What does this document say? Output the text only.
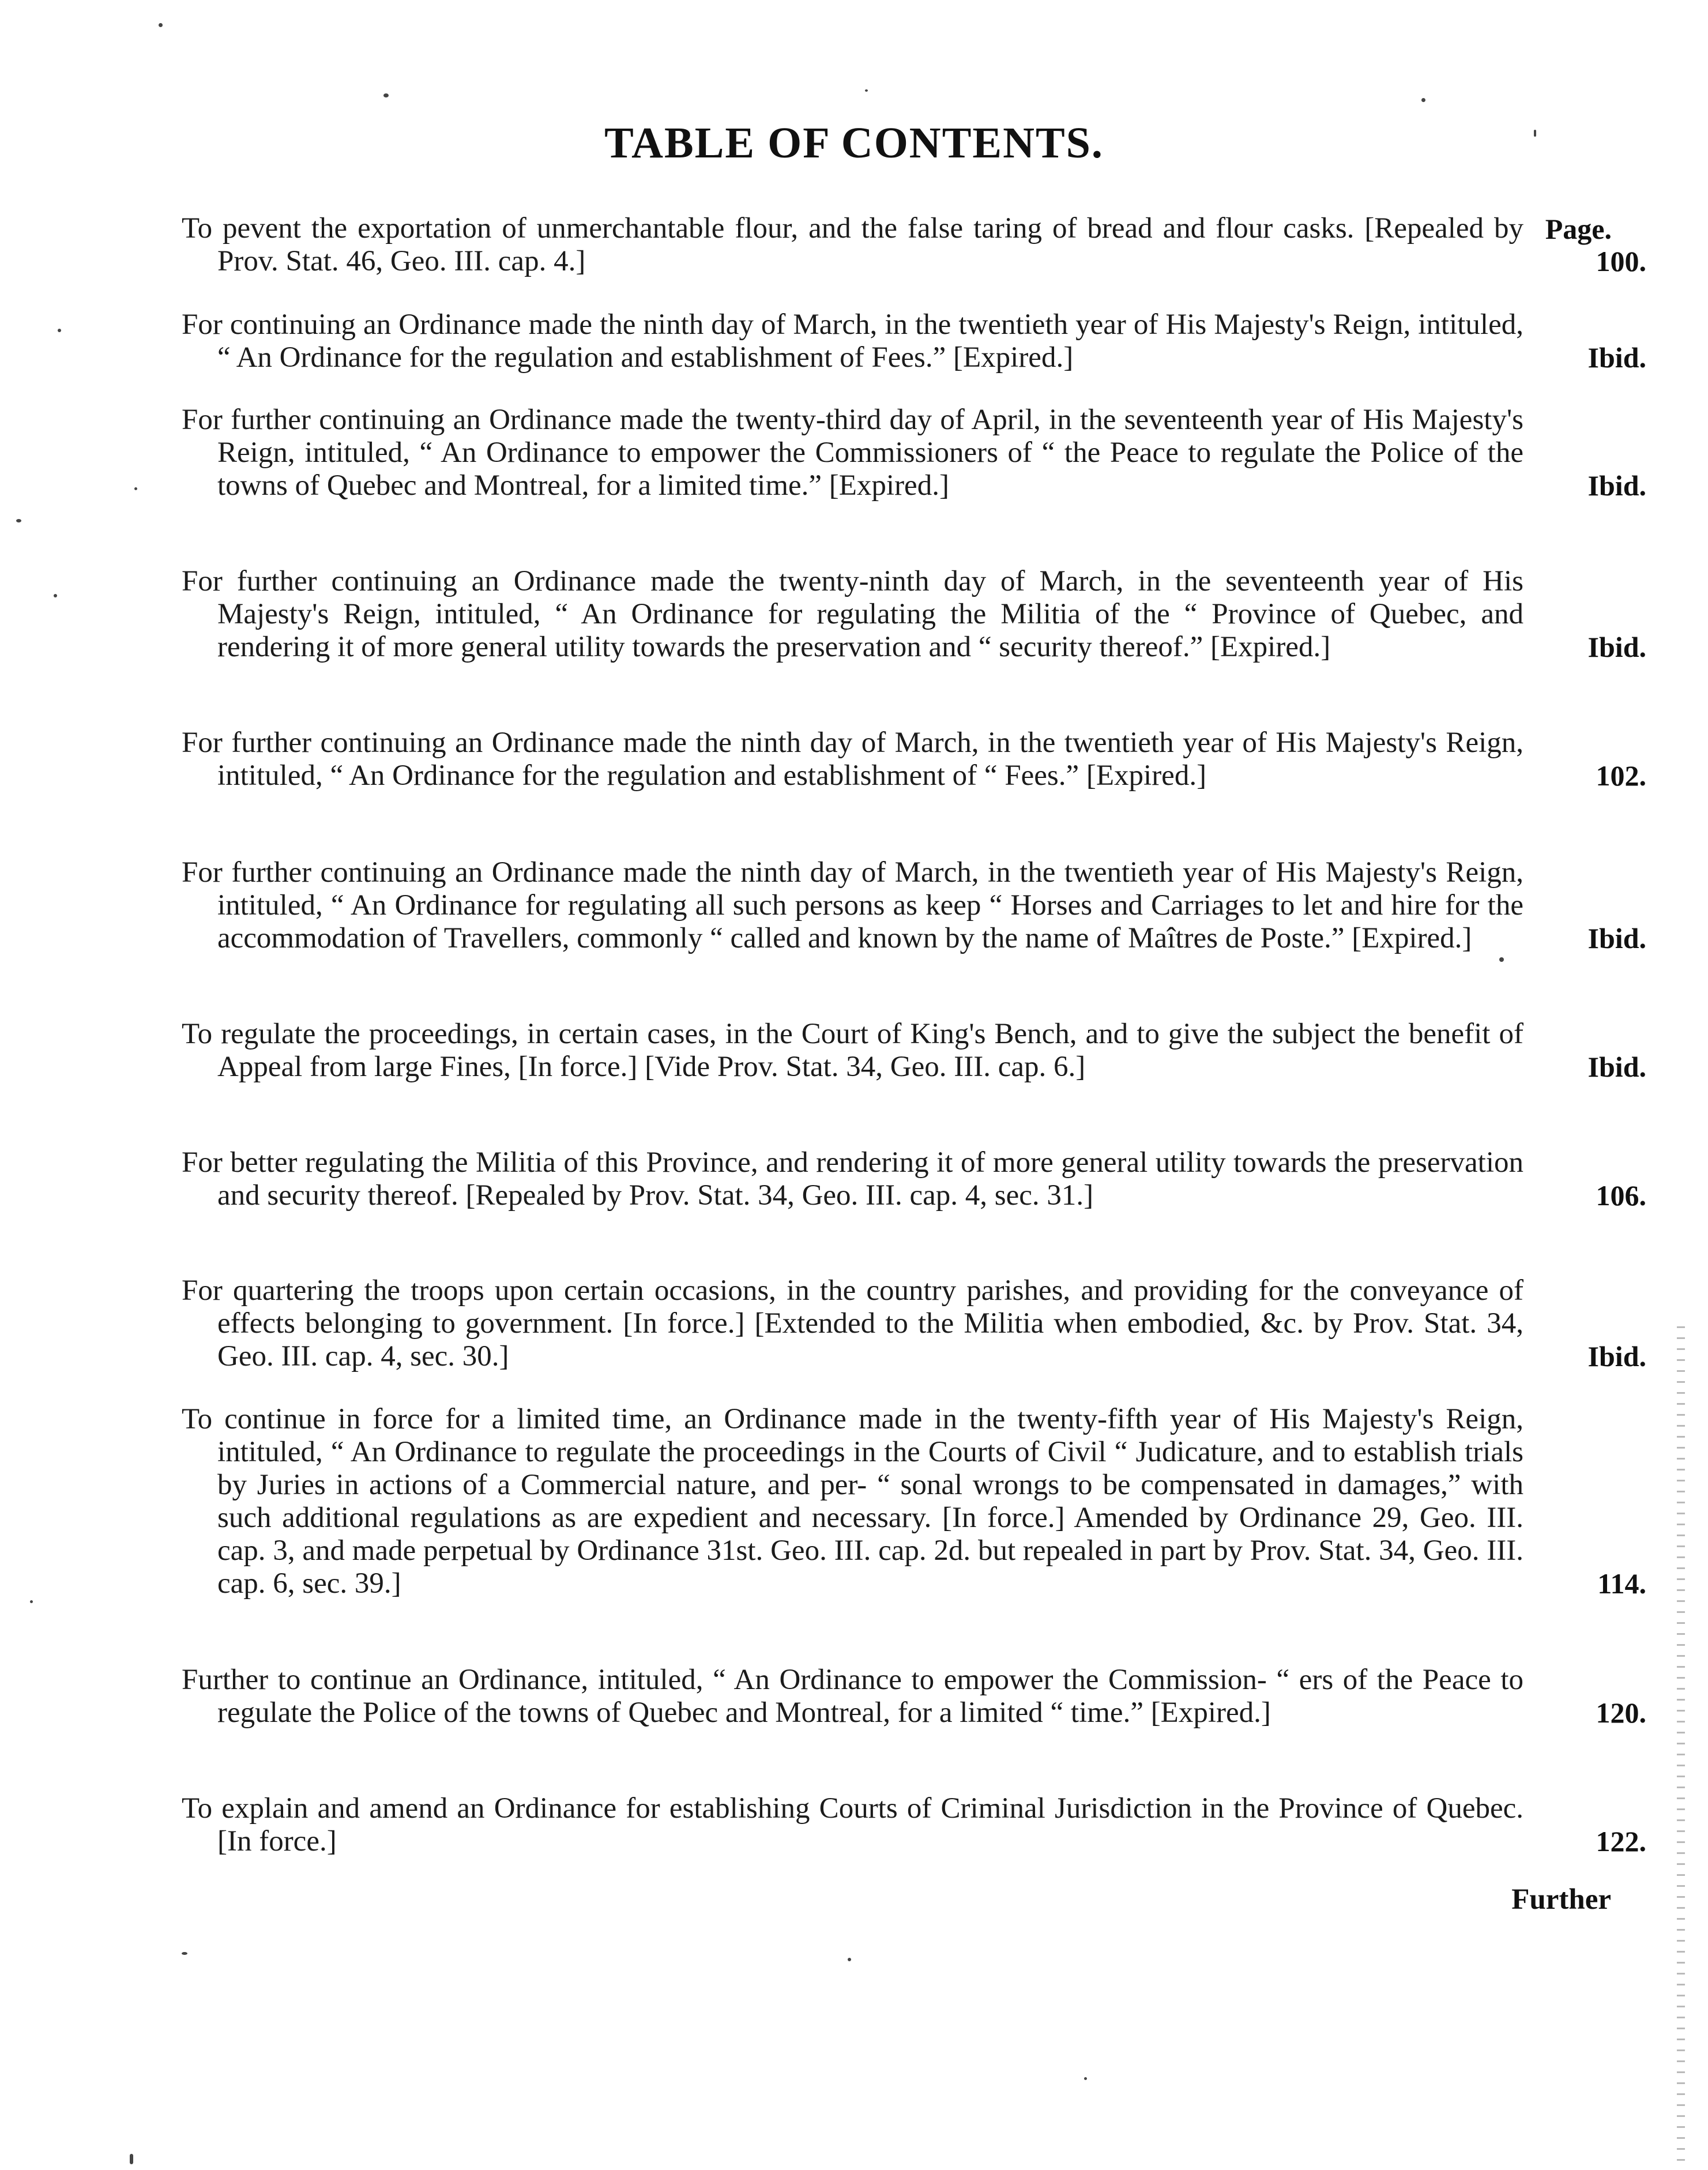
TABLE OF CONTENTS.
Page.
To pevent the exportation of unmerchantable flour, and the false taring of bread and flour casks. [Repealed by Prov. Stat. 46, Geo. III. cap. 4.]	100.
For continuing an Ordinance made the ninth day of March, in the twentieth year of His Majesty's Reign, intituled, “ An Ordinance for the regulation and establishment of Fees.” [Expired.]	Ibid.
For further continuing an Ordinance made the twenty-third day of April, in the seventeenth year of His Majesty's Reign, intituled, “ An Ordinance to empower the Commissioners of “ the Peace to regulate the Police of the towns of Quebec and Montreal, for a limited time.” [Expired.]	Ibid.
For further continuing an Ordinance made the twenty-ninth day of March, in the seventeenth year of His Majesty's Reign, intituled, “ An Ordinance for regulating the Militia of the “ Province of Quebec, and rendering it of more general utility towards the preservation and “ security thereof.” [Expired.]	Ibid.
For further continuing an Ordinance made the ninth day of March, in the twentieth year of His Majesty's Reign, intituled, “ An Ordinance for the regulation and establishment of “ Fees.” [Expired.]	102.
For further continuing an Ordinance made the ninth day of March, in the twentieth year of His Majesty's Reign, intituled, “ An Ordinance for regulating all such persons as keep “ Horses and Carriages to let and hire for the accommodation of Travellers, commonly “ called and known by the name of Maîtres de Poste.” [Expired.]	Ibid.
To regulate the proceedings, in certain cases, in the Court of King's Bench, and to give the subject the benefit of Appeal from large Fines, [In force.] [Vide Prov. Stat. 34, Geo. III. cap. 6.]	Ibid.
For better regulating the Militia of this Province, and rendering it of more general utility towards the preservation and security thereof. [Repealed by Prov. Stat. 34, Geo. III. cap. 4, sec. 31.]	106.
For quartering the troops upon certain occasions, in the country parishes, and providing for the conveyance of effects belonging to government. [In force.] [Extended to the Militia when embodied, &c. by Prov. Stat. 34, Geo. III. cap. 4, sec. 30.]	Ibid.
To continue in force for a limited time, an Ordinance made in the twenty-fifth year of His Majesty's Reign, intituled, “ An Ordinance to regulate the proceedings in the Courts of Civil “ Judicature, and to establish trials by Juries in actions of a Commercial nature, and per- “ sonal wrongs to be compensated in damages,” with such additional regulations as are expedient and necessary. [In force.] Amended by Ordinance 29, Geo. III. cap. 3, and made perpetual by Ordinance 31st. Geo. III. cap. 2d. but repealed in part by Prov. Stat. 34, Geo. III. cap. 6, sec. 39.]	114.
Further to continue an Ordinance, intituled, “ An Ordinance to empower the Commission- “ ers of the Peace to regulate the Police of the towns of Quebec and Montreal, for a limited “ time.” [Expired.]	120.
To explain and amend an Ordinance for establishing Courts of Criminal Jurisdiction in the Province of Quebec. [In force.]	122.
Further
